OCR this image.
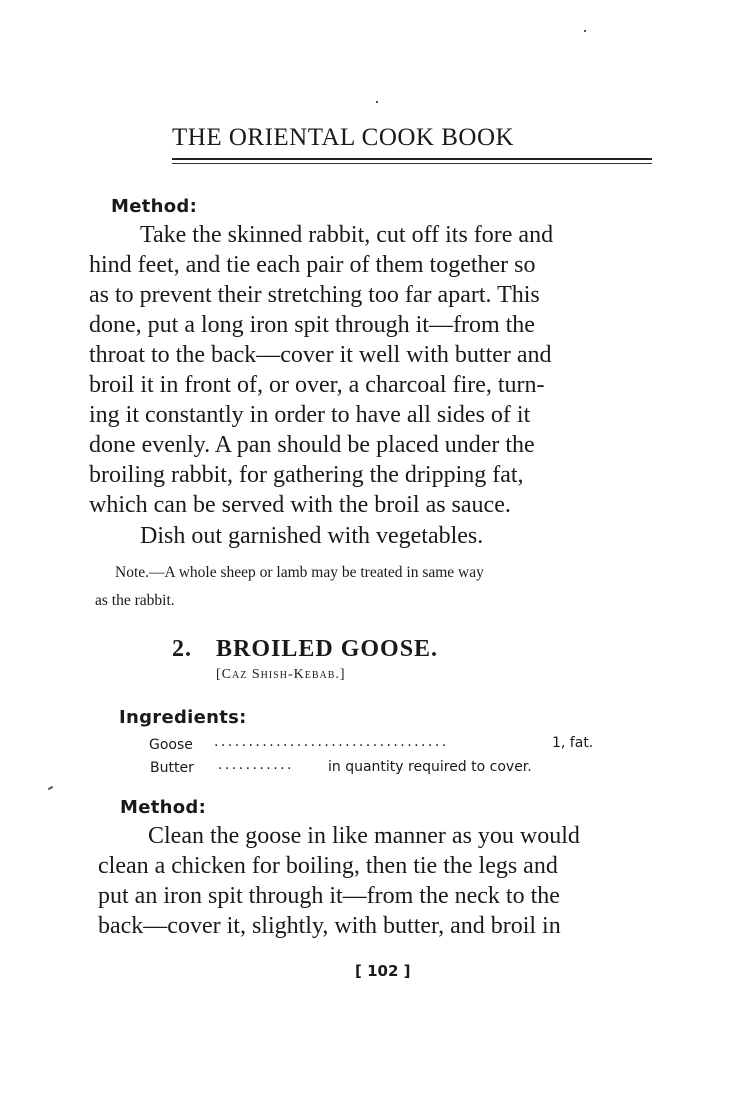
THE ORIENTAL COOK BOOK
Method:
Take the skinned rabbit, cut off its fore and
hind feet, and tie each pair of them together so
as to prevent their stretching too far apart. This
done, put a long iron spit through it—from the
throat to the back—cover it well with butter and
broil it in front of, or over, a charcoal fire, turn-
ing it constantly in order to have all sides of it
done evenly. A pan should be placed under the
broiling rabbit, for gathering the dripping fat,
which can be served with the broil as sauce.
Dish out garnished with vegetables.
Note.—A whole sheep or lamb may be treated in same way
as the rabbit.
2. BROILED GOOSE.
[Caz Shish-Kebab.]
Ingredients:
Goose . . . . . . . . . . . . . . . . . . . . . . . . . . . . . . . . . .	1, fat.
Butter . . . . . . . . . . .	in quantity required to cover.
Method:
Clean the goose in like manner as you would
clean a chicken for boiling, then tie the legs and
put an iron spit through it—from the neck to the
back—cover it, slightly, with butter, and broil in
[ 102 ]
